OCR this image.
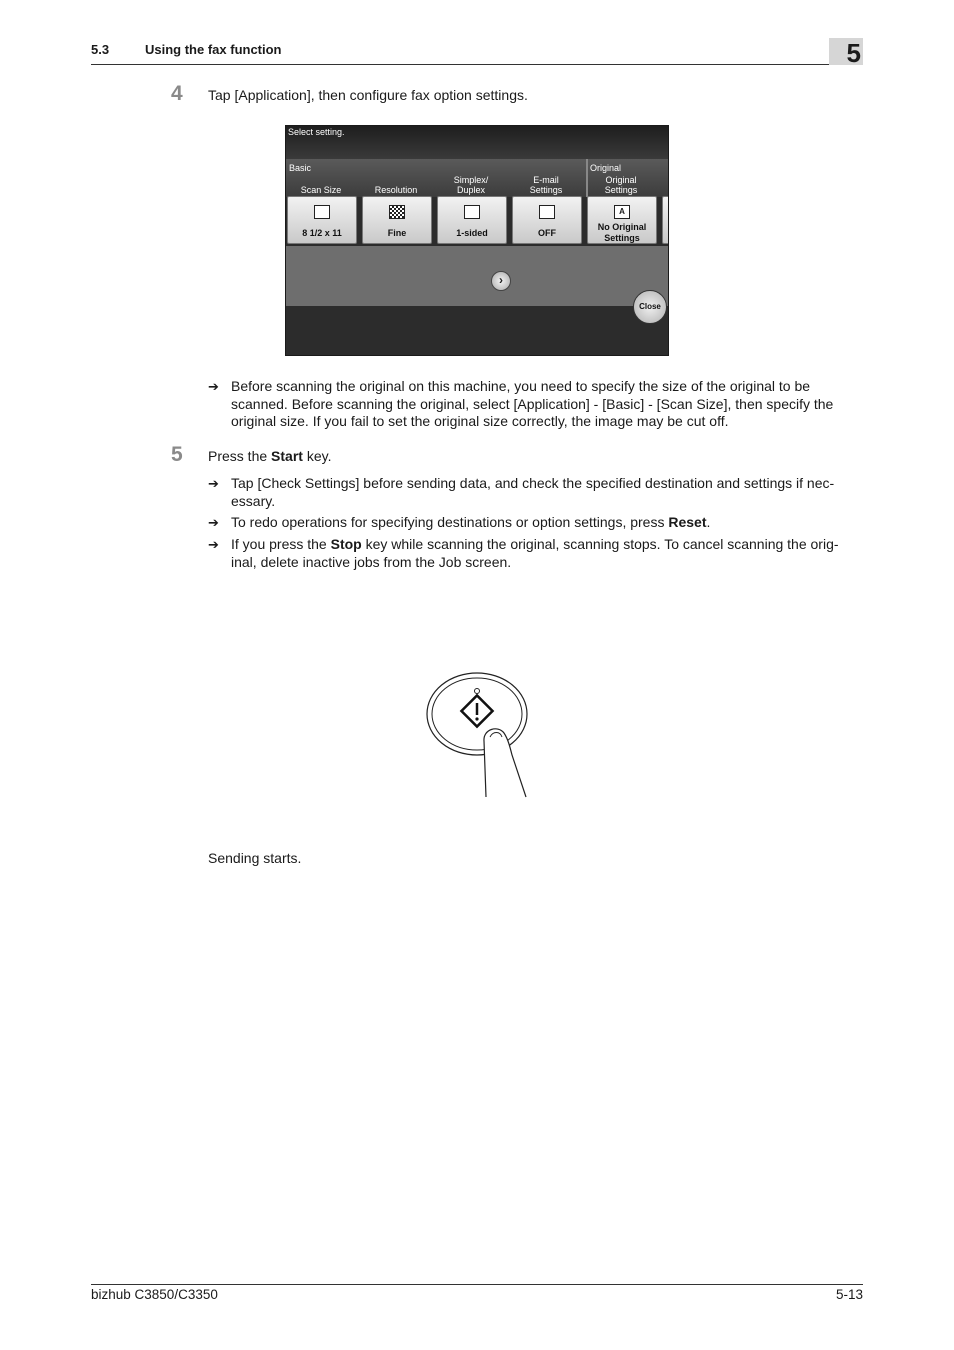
5.3	Using the fax function	5
4 Tap [Application], then configure fax option settings.
Select setting.
Basic	Original
Scan Size	Resolution
Simplex/
Duplex
E-mail
Settings
Original
Settings
8 1/2 x 11	Fine	1-sided	OFF
A
No Original
Settings
›
Close
➔ Before scanning the original on this machine, you need to specify the size of the original to be scanned. Before scanning the original, select [Application] - [Basic] - [Scan Size], then specify the original size. If you fail to set the original size correctly, the image may be cut off.
5 Press the Start key.
➔ Tap [Check Settings] before sending data, and check the specified destination and settings if nec-essary.
➔ To redo operations for specifying destinations or option settings, press Reset.
➔ If you press the Stop key while scanning the original, scanning stops. To cancel scanning the orig-inal, delete inactive jobs from the Job screen.
Sending starts.
bizhub C3850/C3350	5-13
